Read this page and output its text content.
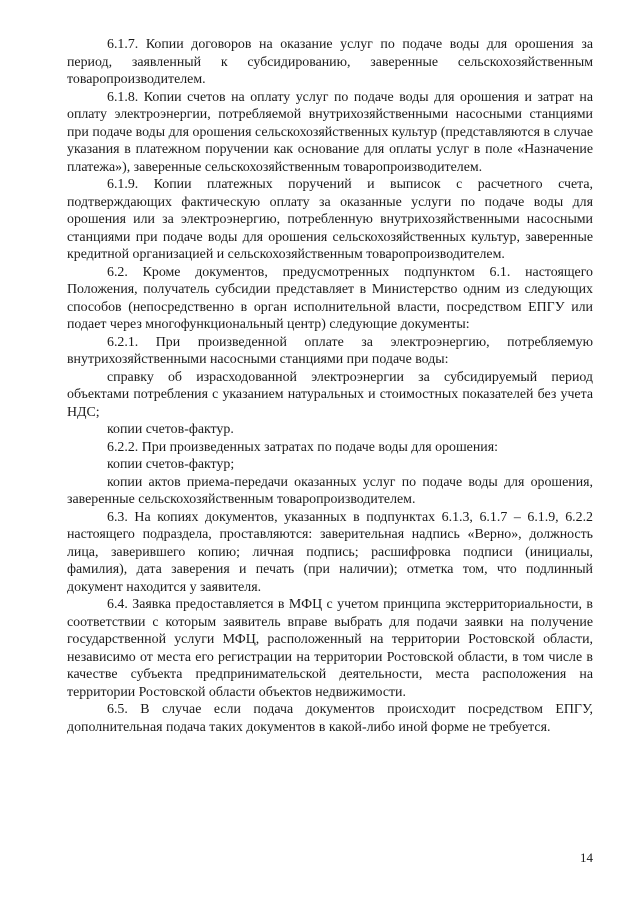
6.1.7. Копии договоров на оказание услуг по подаче воды для орошения за период, заявленный к субсидированию, заверенные сельскохозяйственным товаропроизводителем.

6.1.8. Копии счетов на оплату услуг по подаче воды для орошения и затрат на оплату электроэнергии, потребляемой внутрихозяйственными насосными станциями при подаче воды для орошения сельскохозяйственных культур (представляются в случае указания в платежном поручении как основание для оплаты услуг в поле «Назначение платежа»), заверенные сельскохозяйственным товаропроизводителем.

6.1.9. Копии платежных поручений и выписок с расчетного счета, подтверждающих фактическую оплату за оказанные услуги по подаче воды для орошения или за электроэнергию, потребленную внутрихозяйственными насосными станциями при подаче воды для орошения сельскохозяйственных культур, заверенные кредитной организацией и сельскохозяйственным товаропроизводителем.

6.2. Кроме документов, предусмотренных подпунктом 6.1. настоящего Положения, получатель субсидии представляет в Министерство одним из следующих способов (непосредственно в орган исполнительной власти, посредством ЕПГУ или подает через многофункциональный центр) следующие документы:

6.2.1. При произведенной оплате за электроэнергию, потребляемую внутрихозяйственными насосными станциями при подаче воды:

справку об израсходованной электроэнергии за субсидируемый период объектами потребления с указанием натуральных и стоимостных показателей без учета НДС;

копии счетов-фактур.

6.2.2. При произведенных затратах по подаче воды для орошения:

копии счетов-фактур;

копии актов приема-передачи оказанных услуг по подаче воды для орошения, заверенные сельскохозяйственным товаропроизводителем.

6.3. На копиях документов, указанных в подпунктах 6.1.3, 6.1.7 – 6.1.9, 6.2.2 настоящего подраздела, проставляются: заверительная надпись «Верно», должность лица, заверившего копию; личная подпись; расшифровка подписи (инициалы, фамилия), дата заверения и печать (при наличии); отметка том, что подлинный документ находится у заявителя.

6.4. Заявка предоставляется в МФЦ с учетом принципа экстерриториальности, в соответствии с которым заявитель вправе выбрать для подачи заявки на получение государственной услуги МФЦ, расположенный на территории Ростовской области, независимо от места его регистрации на территории Ростовской области, в том числе в качестве субъекта предпринимательской деятельности, места расположения на территории Ростовской области объектов недвижимости.

6.5. В случае если подача документов происходит посредством ЕПГУ, дополнительная подача таких документов в какой-либо иной форме не требуется.

14
